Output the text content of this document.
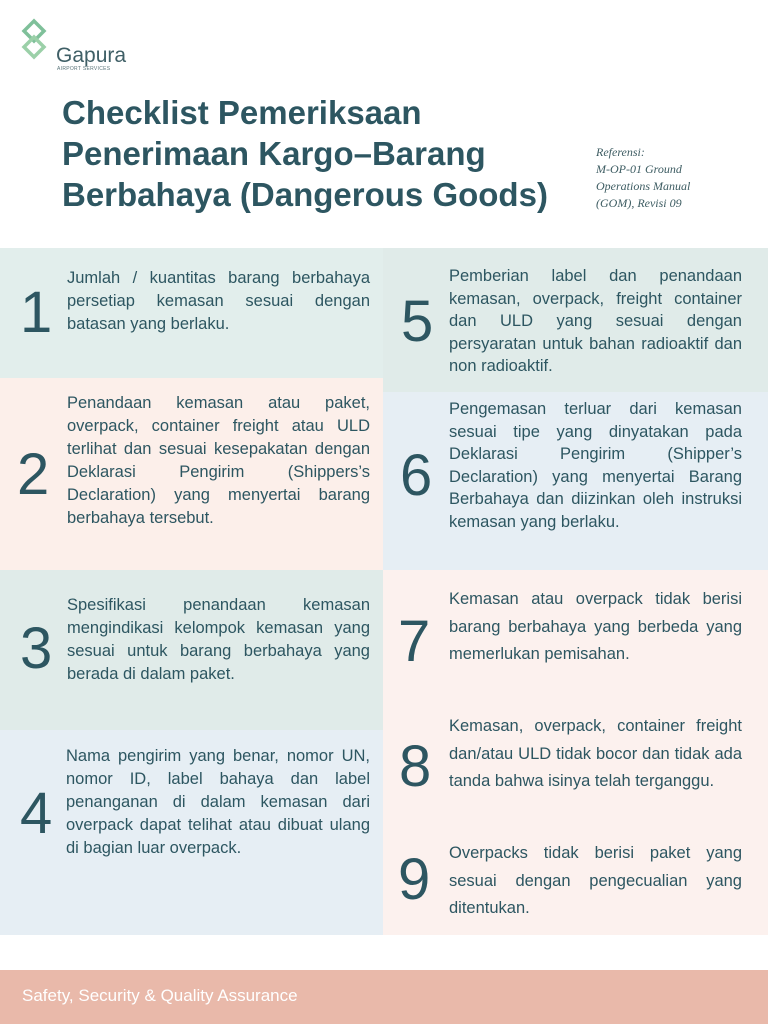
Gapura
AIRPORT SERVICES
Checklist Pemeriksaan Penerimaan Kargo–Barang Berbahaya (Dangerous Goods)
Referensi:
M-OP-01 Ground
Operations Manual
(GOM), Revisi 09
1
Jumlah / kuantitas barang berbahaya persetiap kemasan sesuai dengan batasan yang berlaku.
2
Penandaan kemasan atau paket, overpack, container freight atau ULD terlihat dan sesuai kesepakatan dengan Deklarasi Pengirim (Shippers’s Declaration) yang menyertai barang berbahaya tersebut.
3
Spesifikasi penandaan kemasan mengindikasi kelompok kemasan yang sesuai untuk barang berbahaya yang berada di dalam paket.
4
Nama pengirim yang benar, nomor UN, nomor ID, label bahaya dan label penanganan di dalam kemasan dari overpack dapat telihat atau dibuat ulang di bagian luar overpack.
5
Pemberian label dan penandaan kemasan, overpack, freight container dan ULD yang sesuai dengan persyaratan untuk bahan radioaktif dan non radioaktif.
6
Pengemasan terluar dari kemasan sesuai tipe yang dinyatakan pada Deklarasi Pengirim (Shipper’s Declaration) yang menyertai Barang Berbahaya dan diizinkan oleh instruksi kemasan yang berlaku.
7
Kemasan atau overpack tidak berisi barang berbahaya yang berbeda yang memerlukan pemisahan.
8
Kemasan, overpack, container freight dan/atau ULD tidak bocor dan tidak ada tanda bahwa isinya telah terganggu.
9 Overpacks tidak berisi paket yang sesuai dengan pengecualian yang ditentukan.
Safety, Security & Quality Assurance
